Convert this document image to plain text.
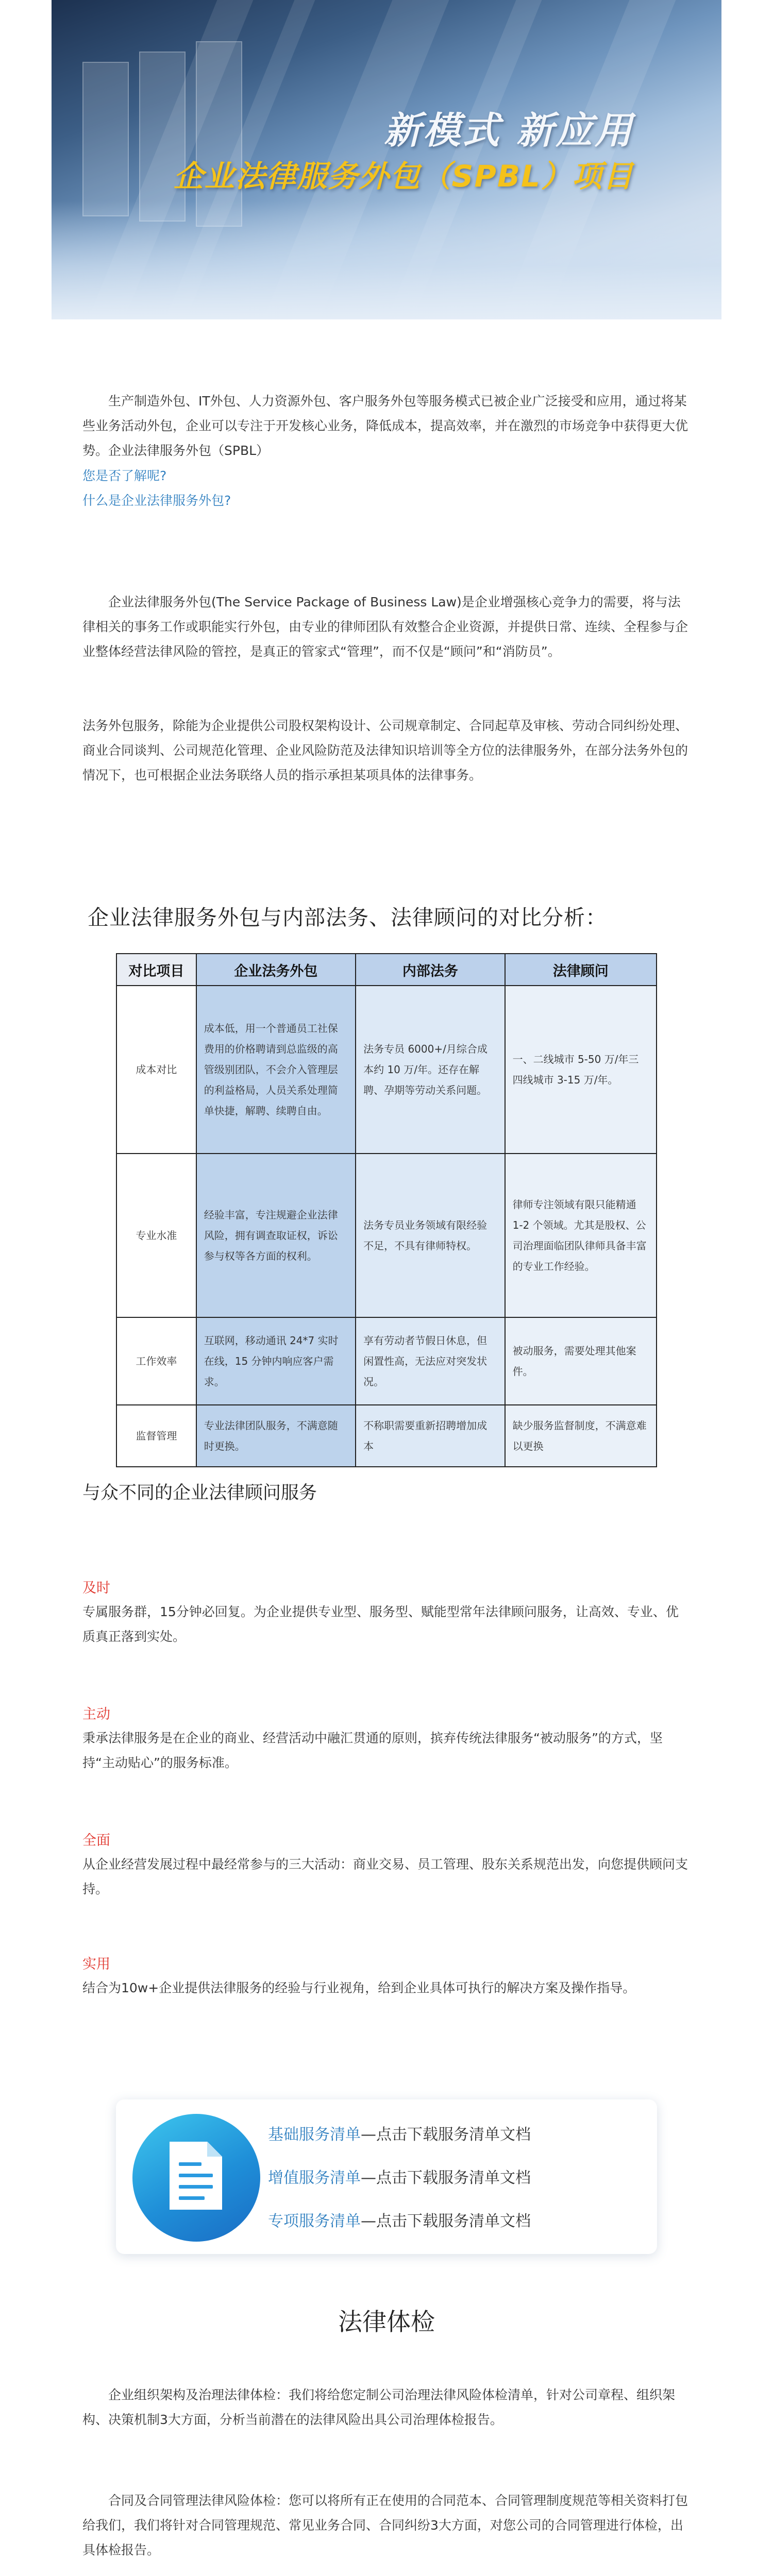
新模式 新应用
企业法律服务外包（SPBL）项目

生产制造外包、IT外包、人力资源外包、客户服务外包等服务模式已被企业广泛接受和应用，通过将某些业务活动外包，企业可以专注于开发核心业务，降低成本，提高效率，并在激烈的市场竞争中获得更大优势。企业法律服务外包（SPBL）

您是否了解呢?
什么是企业法律服务外包?

企业法律服务外包(The Service Package of Business Law)是企业增强核心竞争力的需要，将与法律相关的事务工作或职能实行外包，由专业的律师团队有效整合企业资源，并提供日常、连续、全程参与企业整体经营法律风险的管控，是真正的管家式“管理”，而不仅是“顾问”和“消防员”。

法务外包服务，除能为企业提供公司股权架构设计、公司规章制定、合同起草及审核、劳动合同纠纷处理、商业合同谈判、公司规范化管理、企业风险防范及法律知识培训等全方位的法律服务外，在部分法务外包的情况下，也可根据企业法务联络人员的指示承担某项具体的法律事务。

企业法律服务外包与内部法务、法律顾问的对比分析：
对比项目	企业法务外包	内部法务	法律顾问
成本对比	成本低，用一个普通员工社保费用的价格聘请到总监级的高管级别团队，不会介入管理层的利益格局，人员关系处理简单快捷，解聘、续聘自由。	法务专员 6000+/月综合成本约 10 万/年。还存在解聘、孕期等劳动关系问题。	一、二线城市 5-50 万/年三四线城市 3-15 万/年。
专业水准	经验丰富，专注规避企业法律风险，拥有调查取证权，诉讼参与权等各方面的权利。	法务专员业务领域有限经验不足，不具有律师特权。	律师专注领域有限只能精通 1-2 个领域。尤其是股权、公司治理面临团队律师具备丰富的专业工作经验。
工作效率	互联网，移动通讯 24*7 实时在线，15 分钟内响应客户需求。	享有劳动者节假日休息，但闲置性高，无法应对突发状况。	被动服务，需要处理其他案件。
监督管理	专业法律团队服务，不满意随时更换。	不称职需要重新招聘增加成本	缺少服务监督制度，不满意难以更换
与众不同的企业法律顾问服务
及时

专属服务群，15分钟必回复。为企业提供专业型、服务型、赋能型常年法律顾问服务，让高效、专业、优质真正落到实处。

主动

秉承法律服务是在企业的商业、经营活动中融汇贯通的原则，摈弃传统法律服务“被动服务”的方式，坚持“主动贴心”的服务标准。

全面

从企业经营发展过程中最经常参与的三大活动：商业交易、员工管理、股东关系规范出发，向您提供顾问支持。

实用

结合为10w+企业提供法律服务的经验与行业视角，给到企业具体可执行的解决方案及操作指导。

基础服务清单—点击下载服务清单文档
增值服务清单—点击下载服务清单文档
专项服务清单—点击下载服务清单文档
法律体检

企业组织架构及治理法律体检：我们将给您定制公司治理法律风险体检清单，针对公司章程、组织架构、决策机制3大方面，分析当前潜在的法律风险出具公司治理体检报告。

合同及合同管理法律风险体检：您可以将所有正在使用的合同范本、合同管理制度规范等相关资料打包给我们，我们将针对合同管理规范、常见业务合同、合同纠纷3大方面，对您公司的合同管理进行体检，出具体检报告。
